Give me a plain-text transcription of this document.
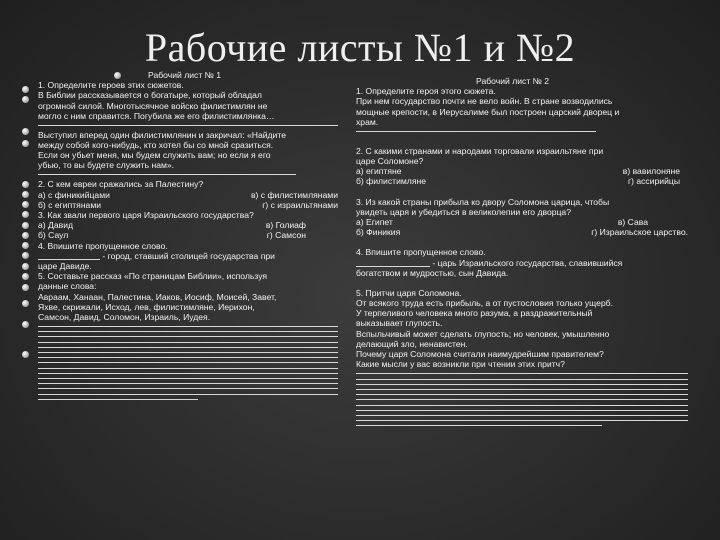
Рабочие листы №1 и №2
Рабочий лист № 1
1. Определите героев этих сюжетов.
В Библии рассказывается о богатыре, который обладал
огромной силой. Многотысячное войско филистимлян не
могло с ним справится. Погубила же его филистимлянка…
Выступил вперед один филистимлянин и закричал: «Найдите
между собой кого-нибудь, кто хотел бы со мной сразиться.
Если он убьет меня, мы будем служить вам; но если я его
убью, то вы будете служить нам».
2. С кем евреи сражались за Палестину?
а) с финикийцами	в) с филистимлянами
б) с египтянами	г) с израильтянами
3. Как звали первого царя Израильского государства?
а) Давид	в) Голиаф
б) Саул	г) Самсон
4. Впишите пропущенное слово.
- город, ставший столицей государства при
царе Давиде.
5. Составьте рассказ «По страницам Библии», используя
данные слова:
Авраам, Ханаан, Палестина, Иаков, Иосиф, Моисей, Завет,
Яхве, скрижали, Исход, лев, филистимляне, Иерихон,
Самсон, Давид, Соломон, Израиль, Иудея.
Рабочий лист № 2
1. Определите героя этого сюжета.
При нем государство почти не вело войн. В стране возводились
мощные крепости, в Иерусалиме был построен царский дворец и
храм.
2. С какими странами и народами торговали израильтяне при
царе Соломоне?
а) египтяне	в) вавилоняне
б) филистимляне	г) ассирийцы
3. Из какой страны прибыла ко двору Соломона царица, чтобы
увидеть царя и убедиться в великолепии его дворца?
а) Египет	в) Сава
б) Финикия	г) Израильское царство.
4. Впишите пропущенное слово.
- царь Израильского государства, славившийся
богатством и мудростью, сын Давида.
5. Притчи царя Соломона.
От всякого труда есть прибыль, а от пустословия только ущерб.
У терпеливого человека много разума, а раздражительный
выказывает глупость.
Вспыльчивый может сделать глупость; но человек, умышленно
делающий зло, ненавистен.
Почему царя Соломона считали наимудрейшим правителем?
Какие мысли у вас возникли при чтении этих притч?
